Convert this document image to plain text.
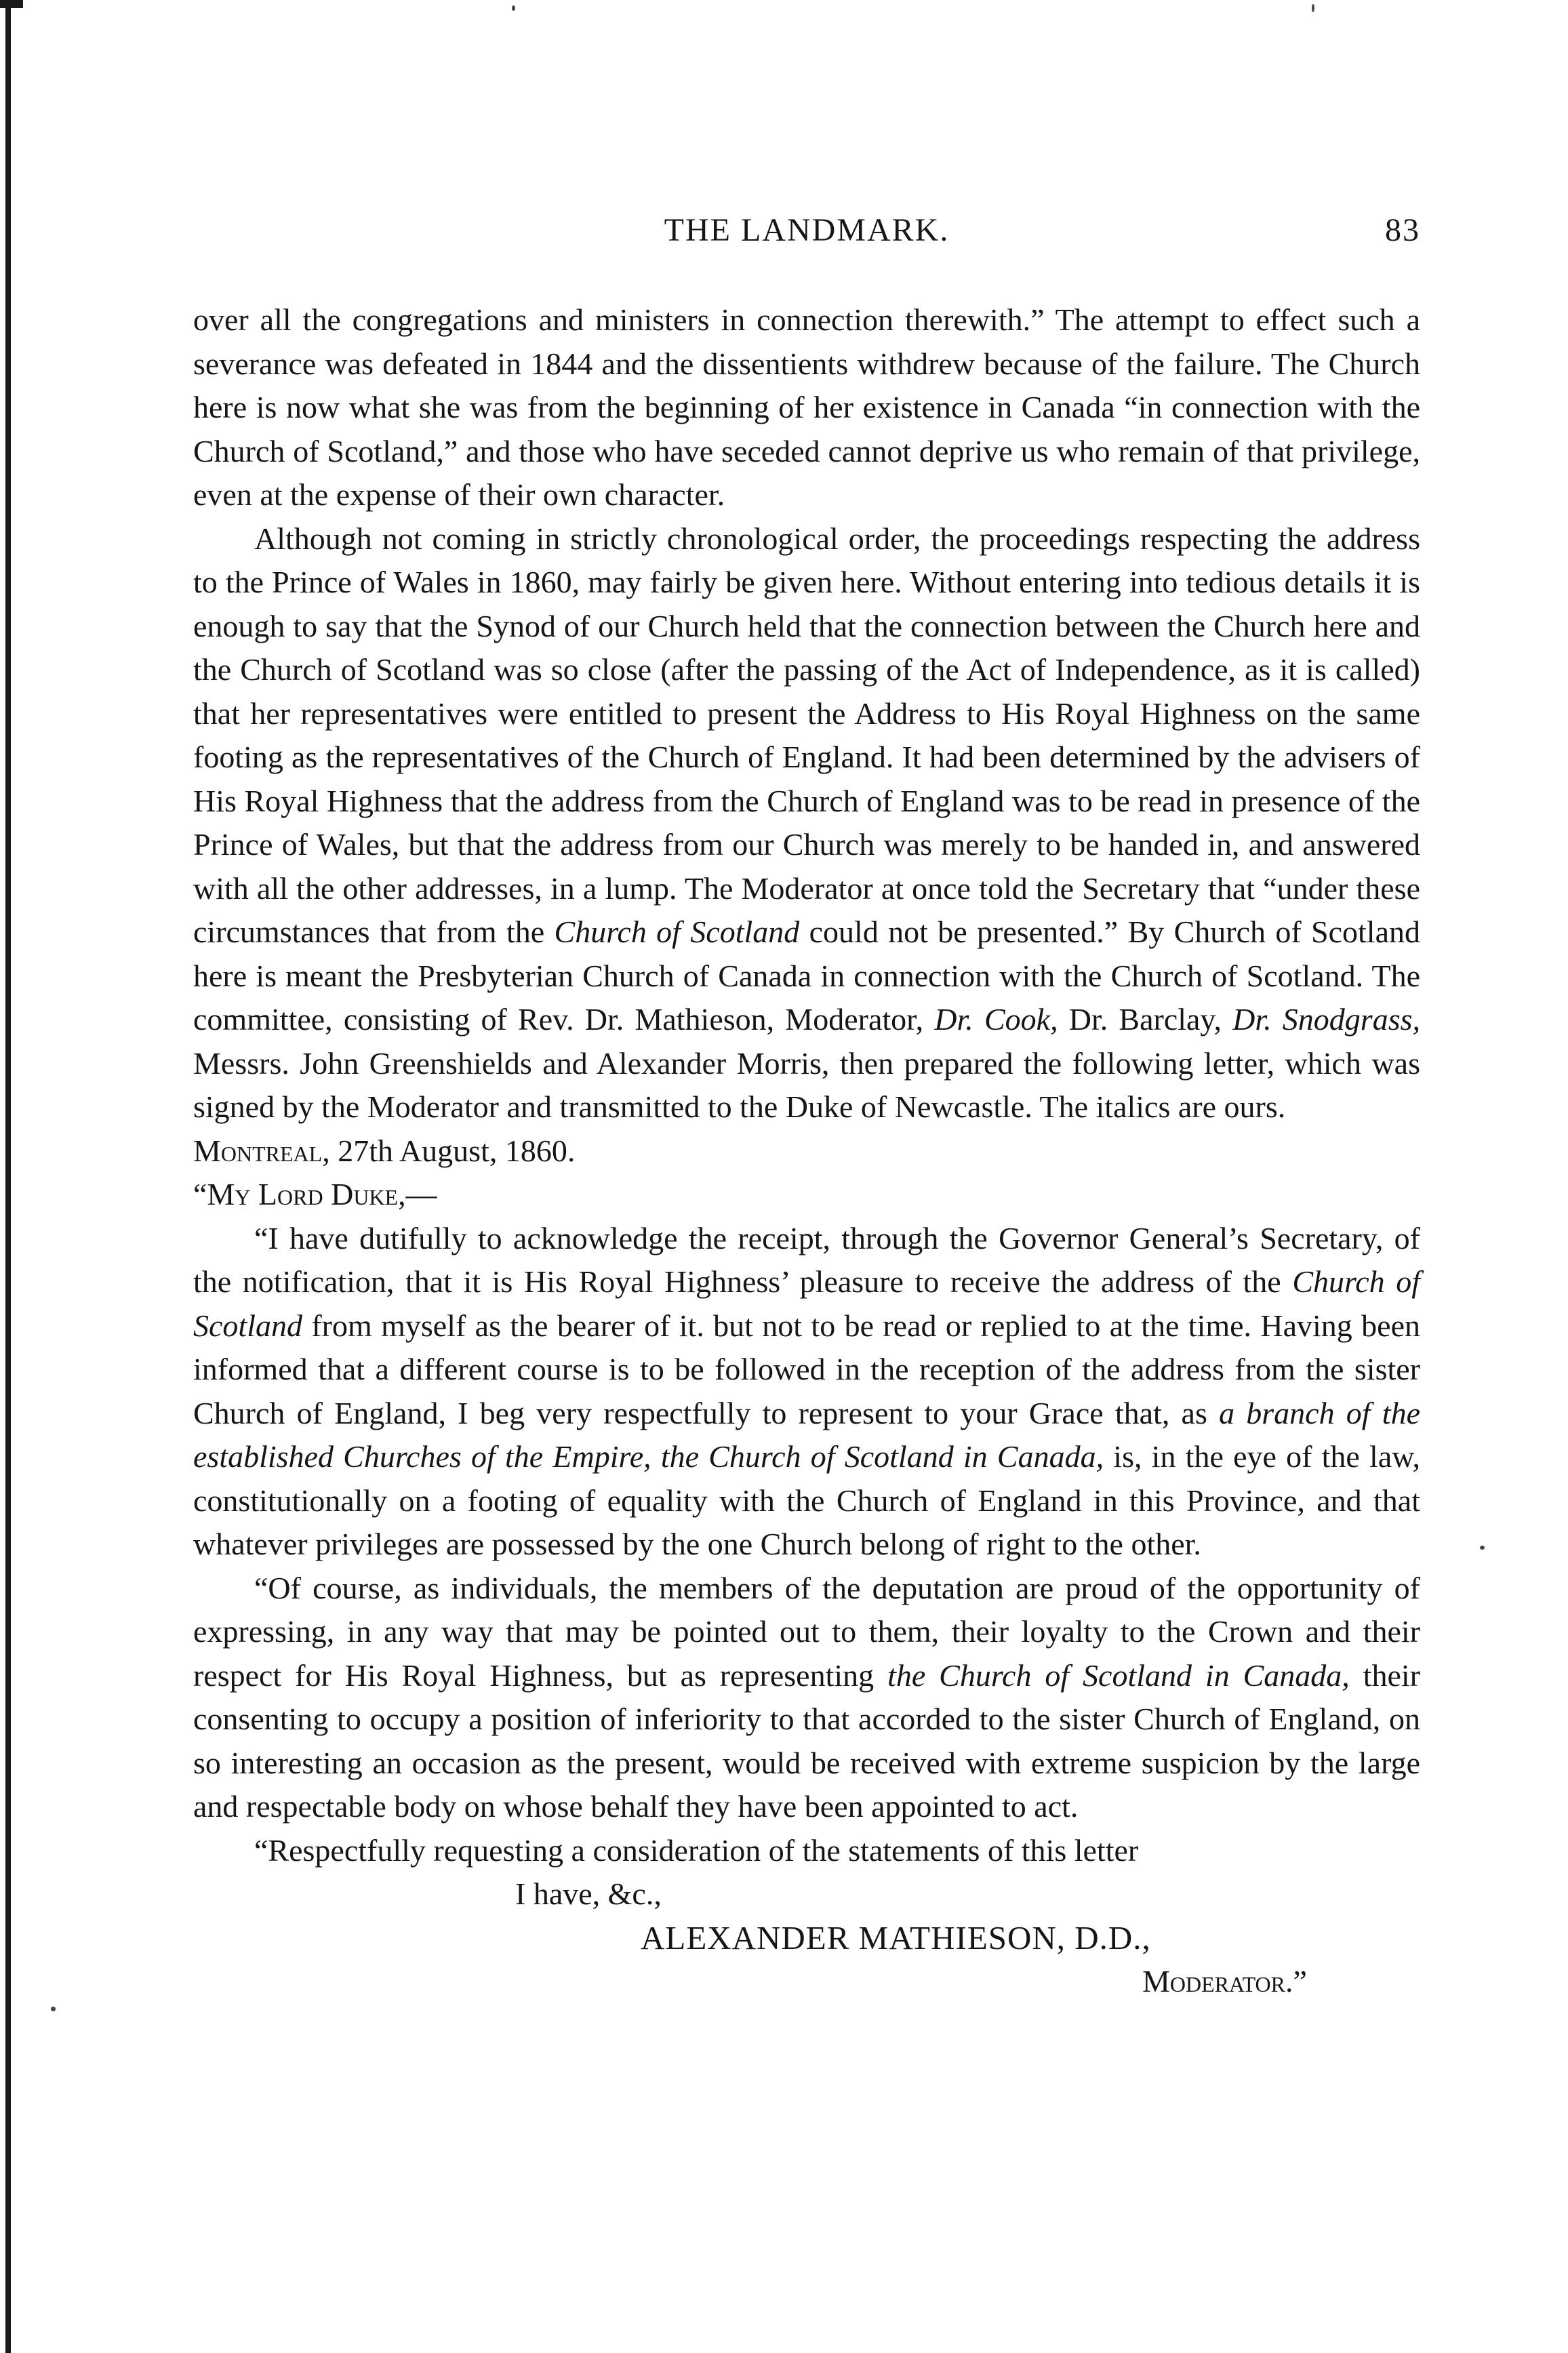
THE LANDMARK.	83

over all the congregations and ministers in connection therewith.” The attempt to effect such a severance was defeated in 1844 and the dissentients withdrew because of the failure. The Church here is now what she was from the beginning of her existence in Canada “in connection with the Church of Scotland,” and those who have seceded cannot deprive us who remain of that privilege, even at the expense of their own character.

Although not coming in strictly chronological order, the proceedings respecting the address to the Prince of Wales in 1860, may fairly be given here. Without entering into tedious details it is enough to say that the Synod of our Church held that the connection between the Church here and the Church of Scotland was so close (after the passing of the Act of Independence, as it is called) that her representatives were entitled to present the Address to His Royal Highness on the same footing as the representatives of the Church of England. It had been determined by the advisers of His Royal Highness that the address from the Church of England was to be read in presence of the Prince of Wales, but that the address from our Church was merely to be handed in, and answered with all the other addresses, in a lump. The Moderator at once told the Secretary that “under these circumstances that from the Church of Scotland could not be presented.” By Church of Scotland here is meant the Presbyterian Church of Canada in connection with the Church of Scotland. The committee, consisting of Rev. Dr. Mathieson, Moderator, Dr. Cook, Dr. Barclay, Dr. Snodgrass, Messrs. John Greenshields and Alexander Morris, then prepared the following letter, which was signed by the Moderator and transmitted to the Duke of Newcastle. The italics are ours.

Montreal, 27th August, 1860.

“My Lord Duke,—

“I have dutifully to acknowledge the receipt, through the Governor General’s Secretary, of the notification, that it is His Royal Highness’ pleasure to receive the address of the Church of Scotland from myself as the bearer of it. but not to be read or replied to at the time. Having been informed that a different course is to be followed in the reception of the address from the sister Church of England, I beg very respectfully to represent to your Grace that, as a branch of the established Churches of the Empire, the Church of Scotland in Canada, is, in the eye of the law, constitutionally on a footing of equality with the Church of England in this Province, and that whatever privileges are possessed by the one Church belong of right to the other.

“Of course, as individuals, the members of the deputation are proud of the opportunity of expressing, in any way that may be pointed out to them, their loyalty to the Crown and their respect for His Royal Highness, but as representing the Church of Scotland in Canada, their consenting to occupy a position of inferiority to that accorded to the sister Church of England, on so interesting an occasion as the present, would be received with extreme suspicion by the large and respectable body on whose behalf they have been appointed to act.

“Respectfully requesting a consideration of the statements of this letter

I have, &c.,

ALEXANDER MATHIESON, D.D.,

Moderator.”
